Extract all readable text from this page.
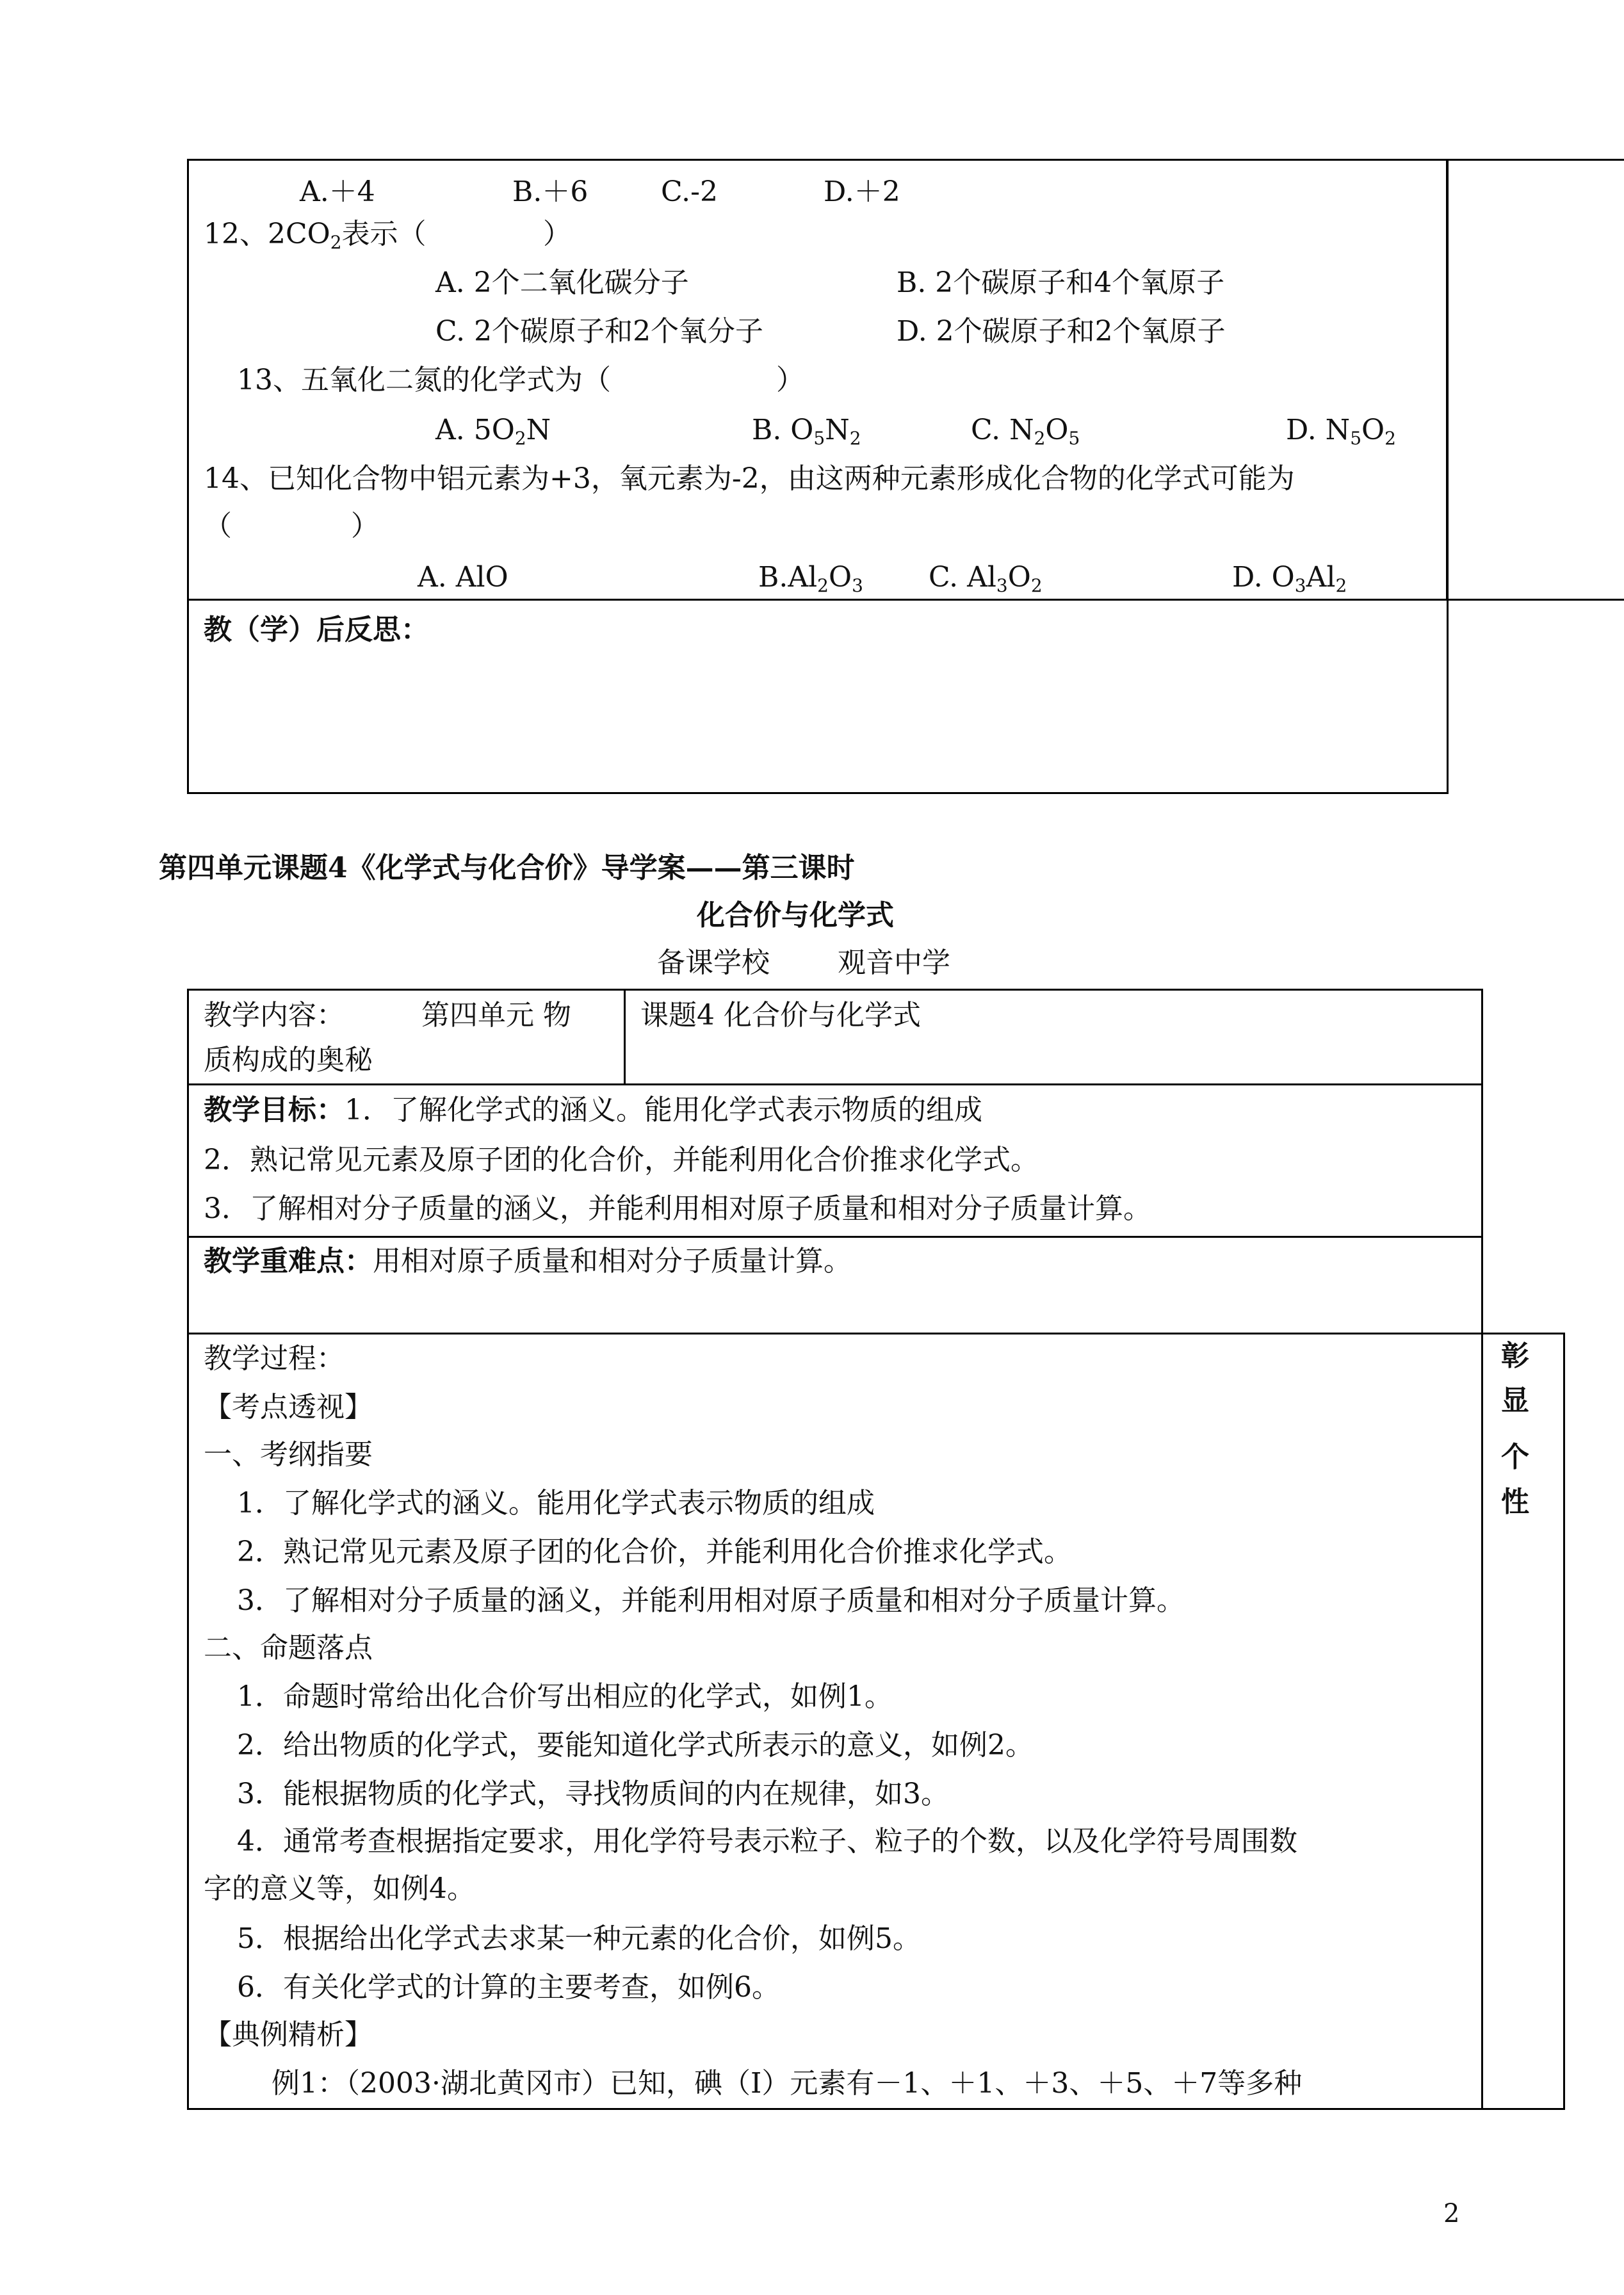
A.＋4	B.＋6	C.-2	D.＋2
12、$2CO_2$表示（	）
A. 2个二氧化碳分子	B. 2个碳原子和4个氧原子
C. 2个碳原子和2个氧分子	D. 2个碳原子和2个氧原子
13、五氧化二氮的化学式为（	）
A. $5O_2N$	B. $O_5N_2$	C. $N_2O_5$	D. $N_5O_2$
14、已知化合物中铝元素为+3，氧元素为-2，由这两种元素形成化合物的化学式可能为
（	）
A. AlO	$B.Al_2O_3$ C. $Al_3O_2$	D. $O_3Al_2$
教（学）后反思：
第四单元课题4《化学式与化合价》导学案——第三课时
化合价与化学式
备课学校 观音中学
教学内容：	第四单元 物
质构成的奥秘
课题4 化合价与化学式
教学目标：1．了解化学式的涵义。能用化学式表示物质的组成
2．熟记常见元素及原子团的化合价，并能利用化合价推求化学式。
3．了解相对分子质量的涵义，并能利用相对原子质量和相对分子质量计算。
教学重难点：用相对原子质量和相对分子质量计算。
教学过程：
【考点透视】
一、考纲指要
1．了解化学式的涵义。能用化学式表示物质的组成
2．熟记常见元素及原子团的化合价，并能利用化合价推求化学式。
3．了解相对分子质量的涵义，并能利用相对原子质量和相对分子质量计算。
二、命题落点
1．命题时常给出化合价写出相应的化学式，如例1。
2．给出物质的化学式，要能知道化学式所表示的意义，如例2。
3．能根据物质的化学式，寻找物质间的内在规律，如3。
4．通常考查根据指定要求，用化学符号表示粒子、粒子的个数，以及化学符号周围数
字的意义等，如例4。
5．根据给出化学式去求某一种元素的化合价，如例5。
6．有关化学式的计算的主要考查，如例6。
【典例精析】
例1：（2003·湖北黄冈市）已知，碘（I）元素有－1、＋1、＋3、＋5、＋7等多种
彰
显
个
性
2
